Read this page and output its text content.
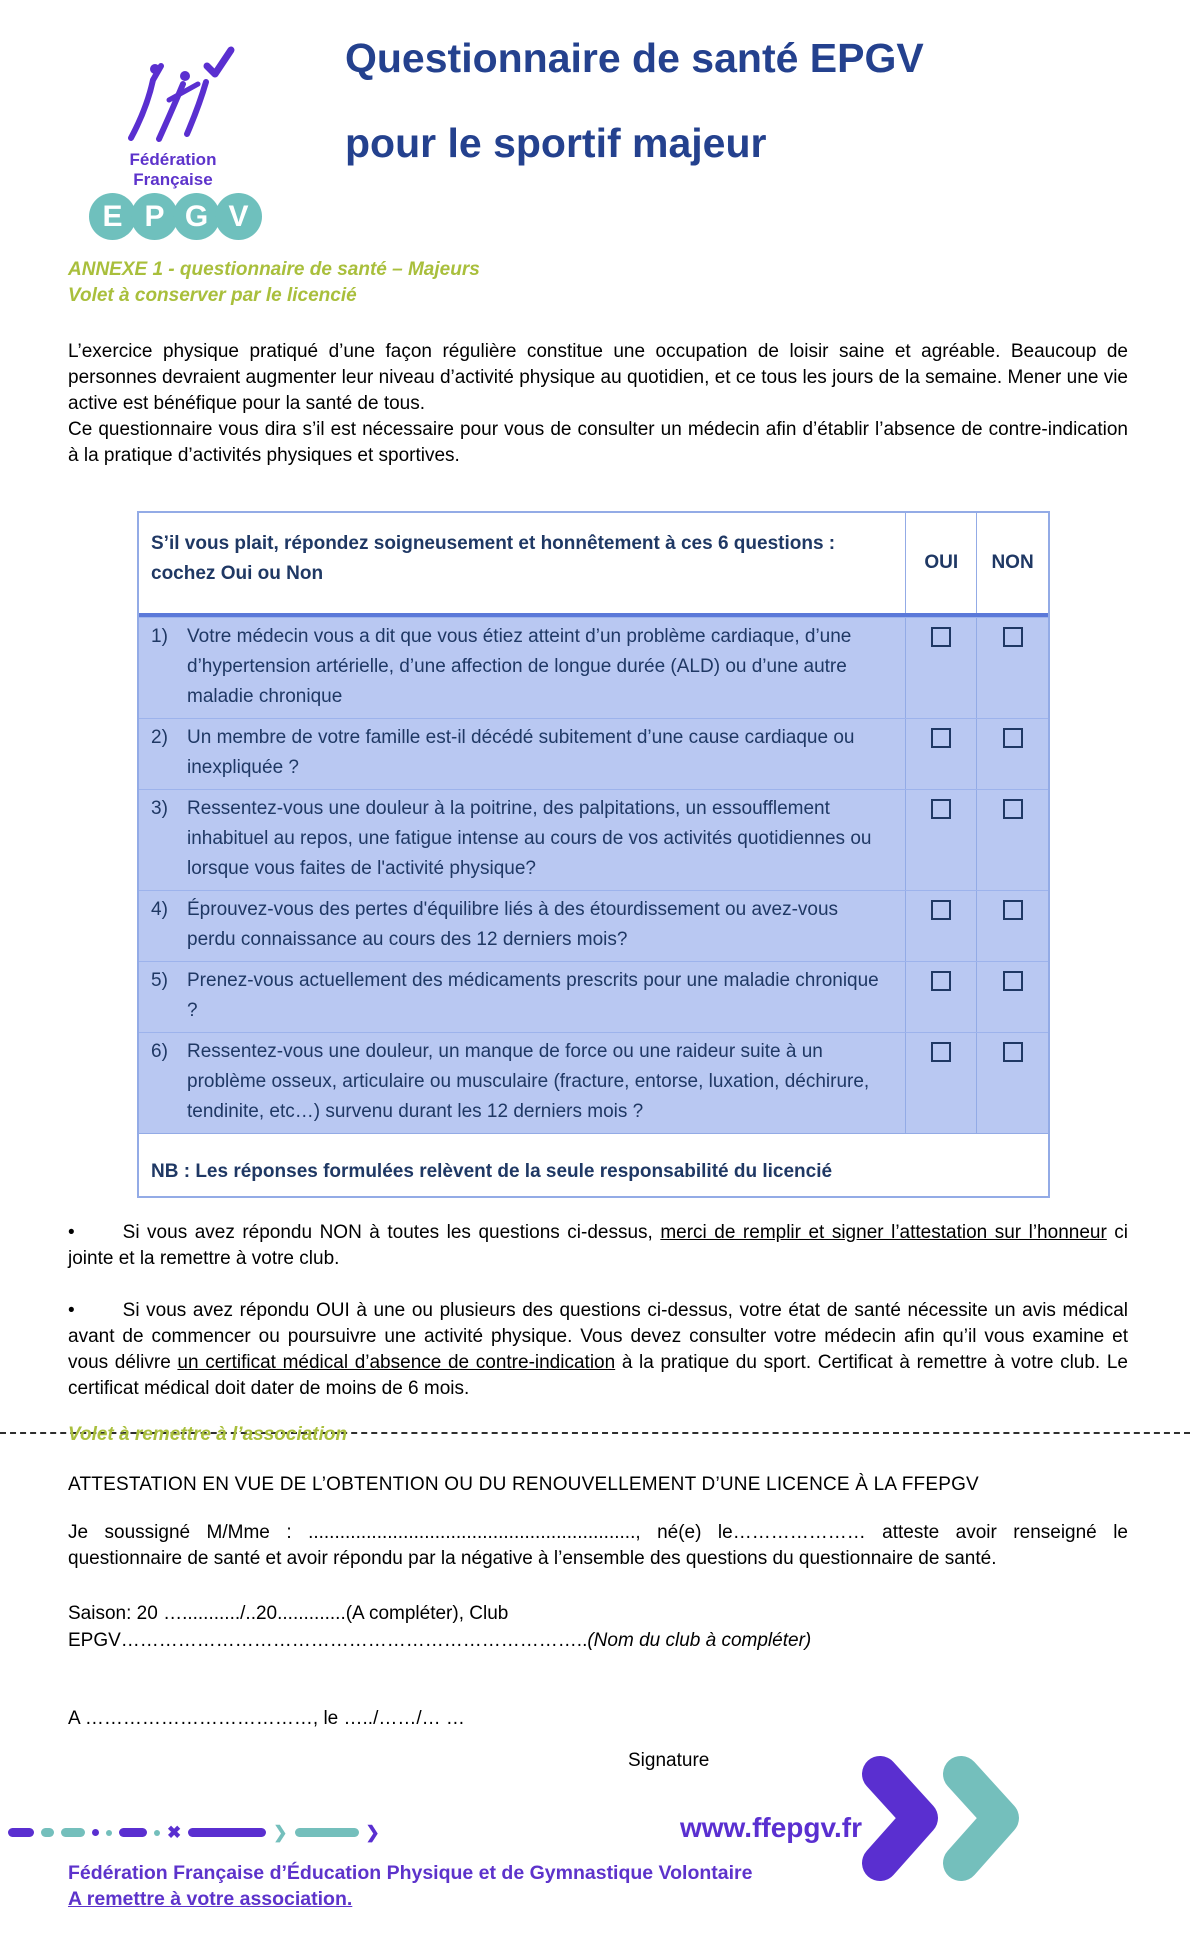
Fédération Française
E P G V
Questionnaire de santé EPGV
pour le sportif majeur
ANNEXE 1 - questionnaire de santé – Majeurs
Volet à conserver par le licencié

L’exercice physique pratiqué d’une façon régulière constitue une occupation de loisir saine et agréable. Beaucoup de personnes devraient augmenter leur niveau d’activité physique au quotidien, et ce tous les jours de la semaine. Mener une vie active est bénéfique pour la santé de tous.

Ce questionnaire vous dira s’il est nécessaire pour vous de consulter un médecin afin d’établir l’absence de contre-indication à la pratique d’activités physiques et sportives.

S’il vous plait, répondez soigneusement et honnêtement à ces 6 questions :
cochez Oui ou Non
OUI	NON
1)	Votre médecin vous a dit que vous étiez atteint d’un problème cardiaque, d’une d’hypertension artérielle, d’une affection de longue durée (ALD) ou d’une autre maladie chronique
2)	Un membre de votre famille est-il décédé subitement d’une cause cardiaque ou inexpliquée ?
3)	Ressentez-vous une douleur à la poitrine, des palpitations, un essoufflement inhabituel au repos, une fatigue intense au cours de vos activités quotidiennes ou lorsque vous faites de l'activité physique?
4)	Éprouvez-vous des pertes d'équilibre liés à des étourdissement ou avez-vous perdu connaissance au cours des 12 derniers mois?
5)	Prenez-vous actuellement des médicaments prescrits pour une maladie chronique ?
6)	Ressentez-vous une douleur, un manque de force ou une raideur suite à un problème osseux, articulaire ou musculaire (fracture, entorse, luxation, déchirure, tendinite, etc…) survenu durant les 12 derniers mois ?
NB : Les réponses formulées relèvent de la seule responsabilité du licencié

•	Si vous avez répondu NON à toutes les questions ci-dessus, merci de remplir et signer l’attestation sur l’honneur ci jointe et la remettre à votre club.

•	Si vous avez répondu OUI à une ou plusieurs des questions ci-dessus, votre état de santé nécessite un avis médical avant de commencer ou poursuivre une activité physique. Vous devez consulter votre médecin afin qu’il vous examine et vous délivre un certificat médical d’absence de contre-indication à la pratique du sport. Certificat à remettre à votre club. Le certificat médical doit dater de moins de 6 mois.

Volet à remettre à l’association
ATTESTATION EN VUE DE L’OBTENTION OU DU RENOUVELLEMENT D’UNE LICENCE À LA FFEPGV

Je soussigné M/Mme : .............................................................., né(e) le………………… atteste avoir renseigné le questionnaire de santé et avoir répondu par la négative à l’ensemble des questions du questionnaire de santé.

Saison: 20 ….........../..20.............(A compléter), Club
EPGV………………………………………………………………..(Nom du club à compléter)
A ………………………………, le …../……/… …
Signature
✖	❯	❯	www.ffepgv.fr
Fédération Française d’Éducation Physique et de Gymnastique Volontaire
A remettre à votre association.
